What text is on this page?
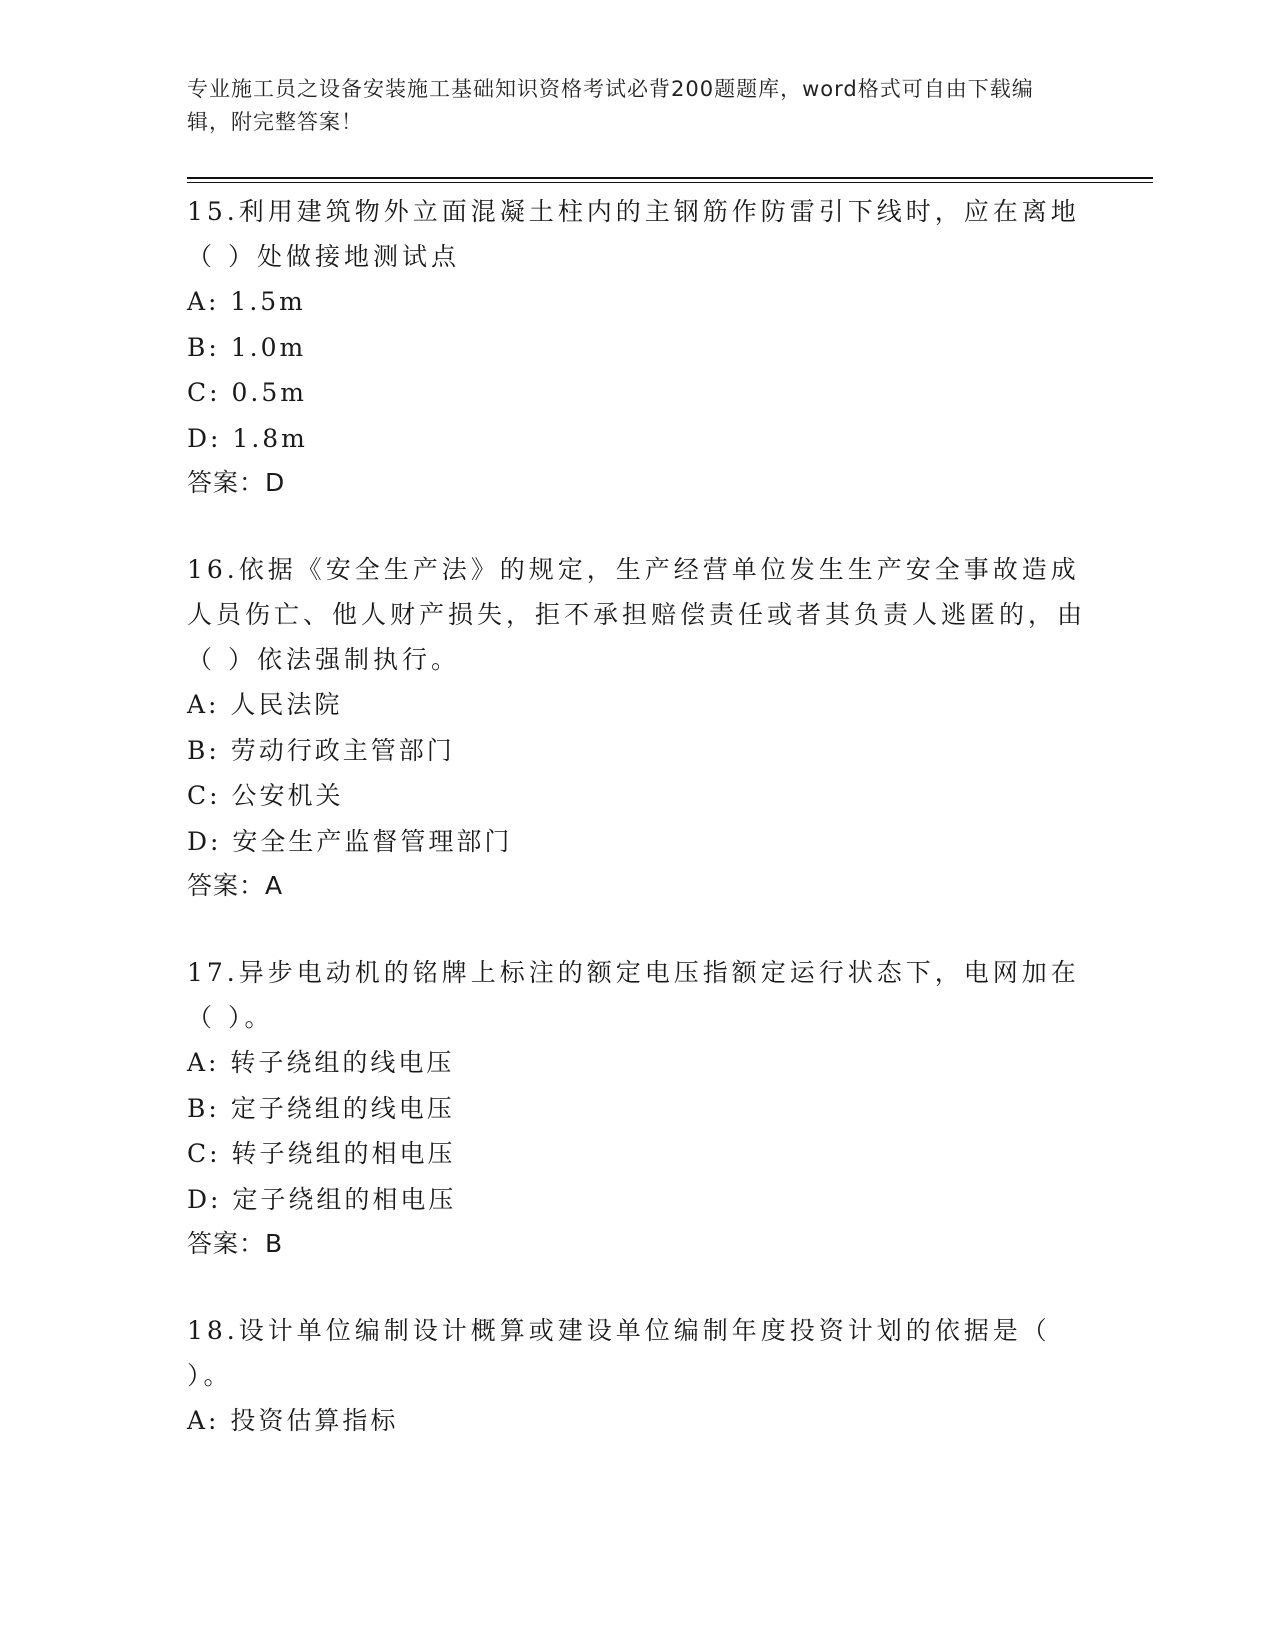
专业施工员之设备安装施工基础知识资格考试必背200题题库，word格式可自由下载编辑，附完整答案！

15.利用建筑物外立面混凝土柱内的主钢筋作防雷引下线时，应在离地（ ）处做接地测试点

A: 1.5m

B: 1.0m

C: 0.5m

D: 1.8m

答案：D

16.依据《安全生产法》的规定，生产经营单位发生生产安全事故造成人员伤亡、他人财产损失，拒不承担赔偿责任或者其负责人逃匿的，由（ ）依法强制执行。

A: 人民法院

B: 劳动行政主管部门

C: 公安机关

D: 安全生产监督管理部门

答案：A

17.异步电动机的铭牌上标注的额定电压指额定运行状态下，电网加在（ ）。

A: 转子绕组的线电压

B: 定子绕组的线电压

C: 转子绕组的相电压

D: 定子绕组的相电压

答案：B

18.设计单位编制设计概算或建设单位编制年度投资计划的依据是（ ）。

A: 投资估算指标
